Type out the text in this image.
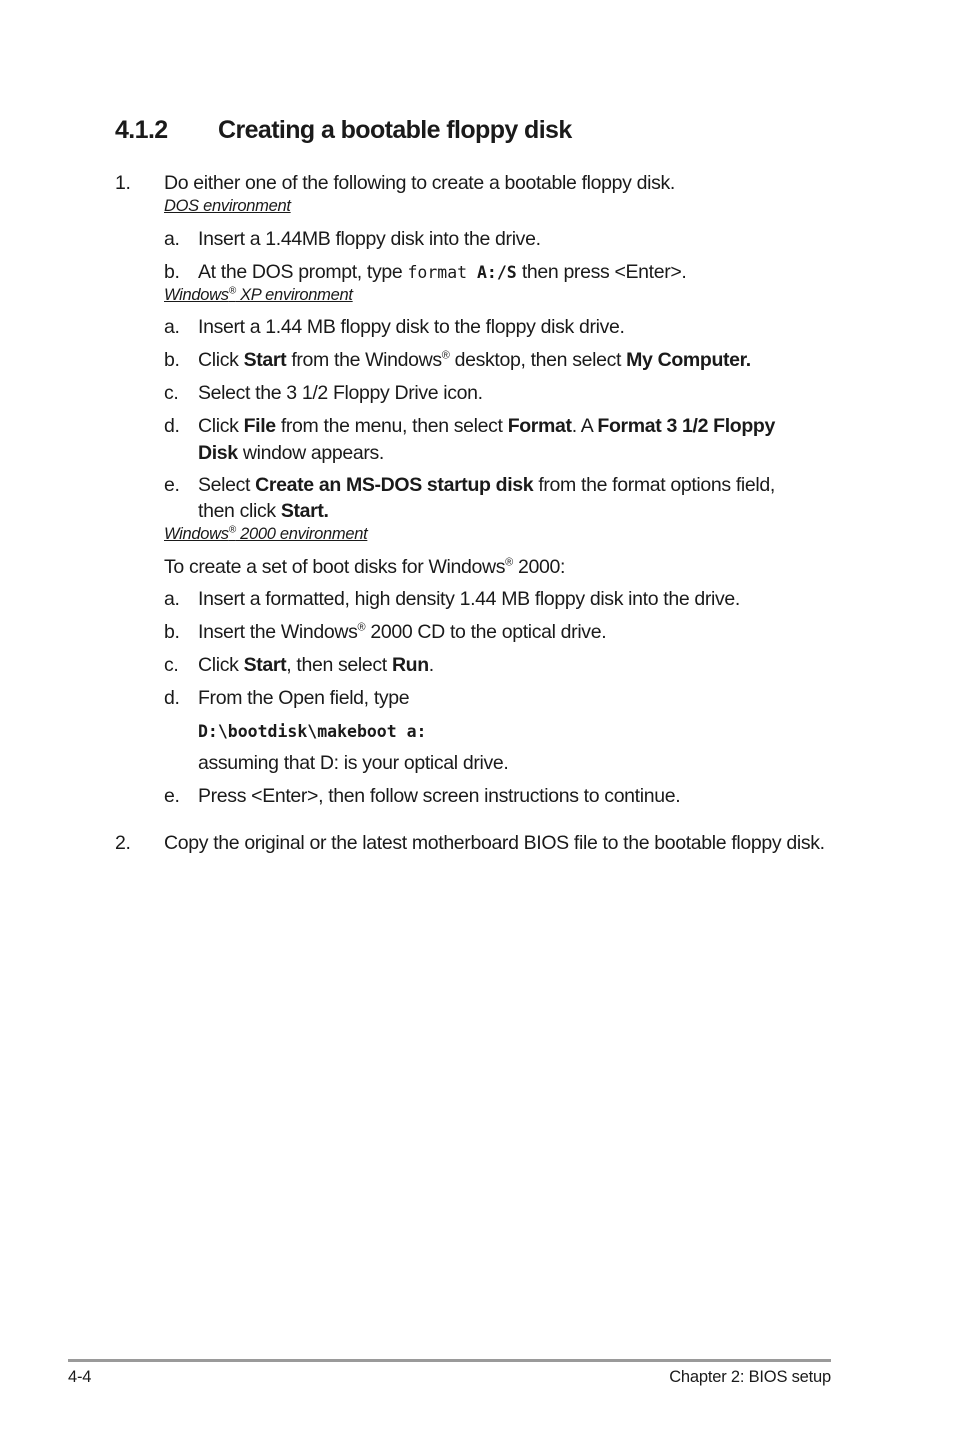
4.1.2 Creating a bootable floppy disk
1. Do either one of the following to create a bootable floppy disk.
DOS environment
a. Insert a 1.44MB floppy disk into the drive.
b. At the DOS prompt, type format A:/S then press <Enter>.
Windows® XP environment
a. Insert a 1.44 MB floppy disk to the floppy disk drive.
b. Click Start from the Windows® desktop, then select My Computer.
c. Select the 3 1/2 Floppy Drive icon.
d. Click File from the menu, then select Format. A Format 3 1/2 Floppy
Disk window appears.
e. Select Create an MS-DOS startup disk from the format options field,
then click Start.
Windows® 2000 environment
To create a set of boot disks for Windows® 2000:
a. Insert a formatted, high density 1.44 MB floppy disk into the drive.
b. Insert the Windows® 2000 CD to the optical drive.
c. Click Start, then select Run.
d. From the Open field, type
D:\bootdisk\makeboot a:
assuming that D: is your optical drive.
e. Press <Enter>, then follow screen instructions to continue.
2. Copy the original or the latest motherboard BIOS file to the bootable floppy disk.
4-4	Chapter 2: BIOS setup
